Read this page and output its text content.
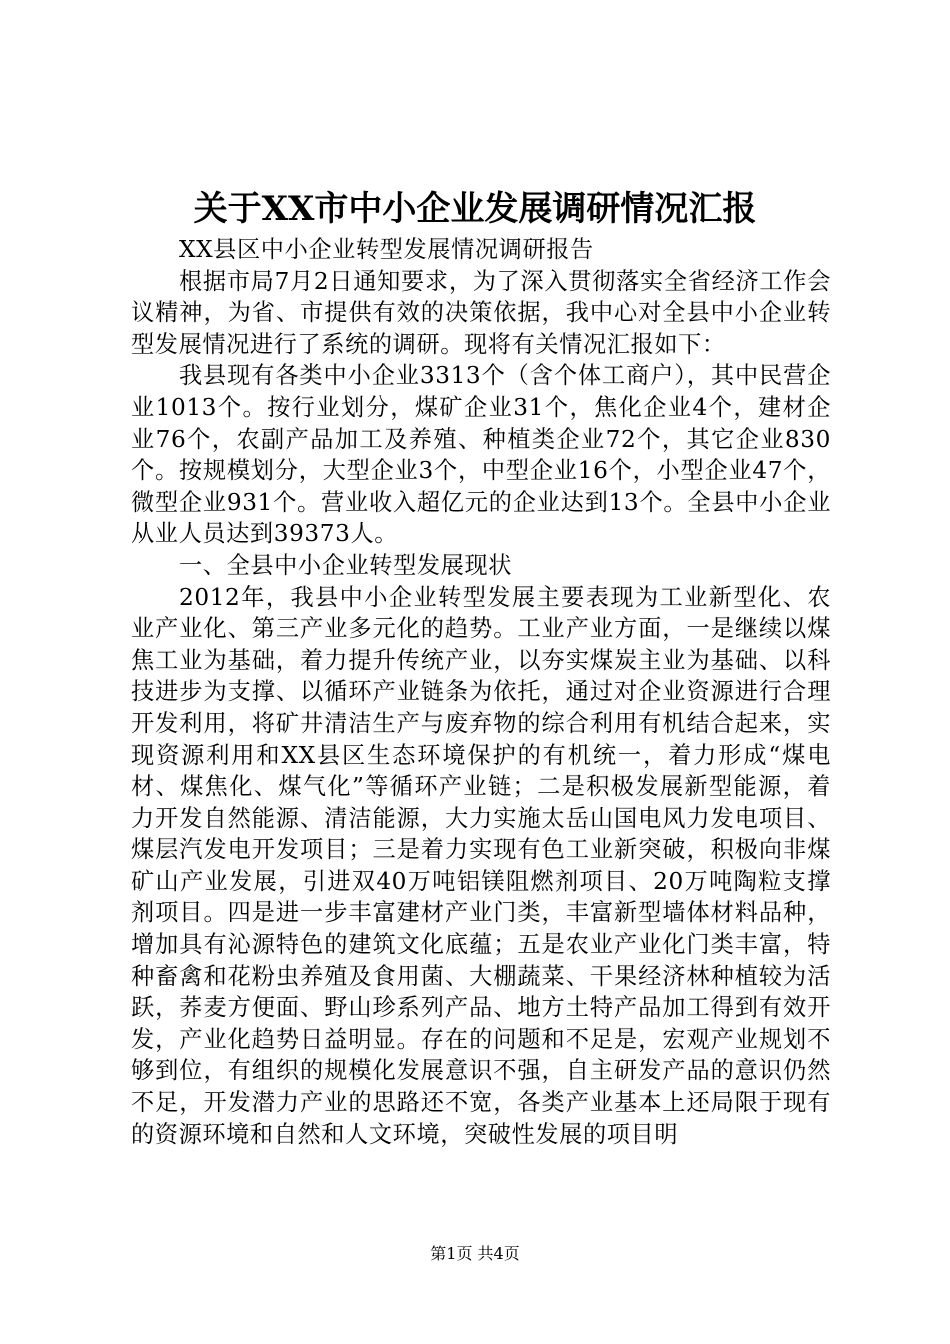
关于XX市中小企业发展调研情况汇报

XX县区中小企业转型发展情况调研报告

根据市局7月2日通知要求，为了深入贯彻落实全省经济工作会议精神，为省、市提供有效的决策依据，我中心对全县中小企业转型发展情况进行了系统的调研。现将有关情况汇报如下：

我县现有各类中小企业3313个（含个体工商户），其中民营企业1013个。按行业划分，煤矿企业31个，焦化企业4个，建材企业76个，农副产品加工及养殖、种植类企业72个，其它企业830个。按规模划分，大型企业3个，中型企业16个，小型企业47个，微型企业931个。营业收入超亿元的企业达到13个。全县中小企业从业人员达到39373人。

一、全县中小企业转型发展现状

2012年，我县中小企业转型发展主要表现为工业新型化、农业产业化、第三产业多元化的趋势。工业产业方面，一是继续以煤焦工业为基础，着力提升传统产业，以夯实煤炭主业为基础、以科技进步为支撑、以循环产业链条为依托，通过对企业资源进行合理开发利用，将矿井清洁生产与废弃物的综合利用有机结合起来，实现资源利用和XX县区生态环境保护的有机统一，着力形成“煤电材、煤焦化、煤气化”等循环产业链；二是积极发展新型能源，着力开发自然能源、清洁能源，大力实施太岳山国电风力发电项目、煤层汽发电开发项目；三是着力实现有色工业新突破，积极向非煤矿山产业发展，引进双40万吨铝镁阻燃剂项目、20万吨陶粒支撑剂项目。四是进一步丰富建材产业门类，丰富新型墙体材料品种，增加具有沁源特色的建筑文化底蕴；五是农业产业化门类丰富，特种畜禽和花粉虫养殖及食用菌、大棚蔬菜、干果经济林种植较为活跃，荞麦方便面、野山珍系列产品、地方土特产品加工得到有效开发，产业化趋势日益明显。存在的问题和不足是，宏观产业规划不够到位，有组织的规模化发展意识不强，自主研发产品的意识仍然不足，开发潜力产业的思路还不宽，各类产业基本上还局限于现有的资源环境和自然和人文环境，突破性发展的项目明

第1页 共4页
